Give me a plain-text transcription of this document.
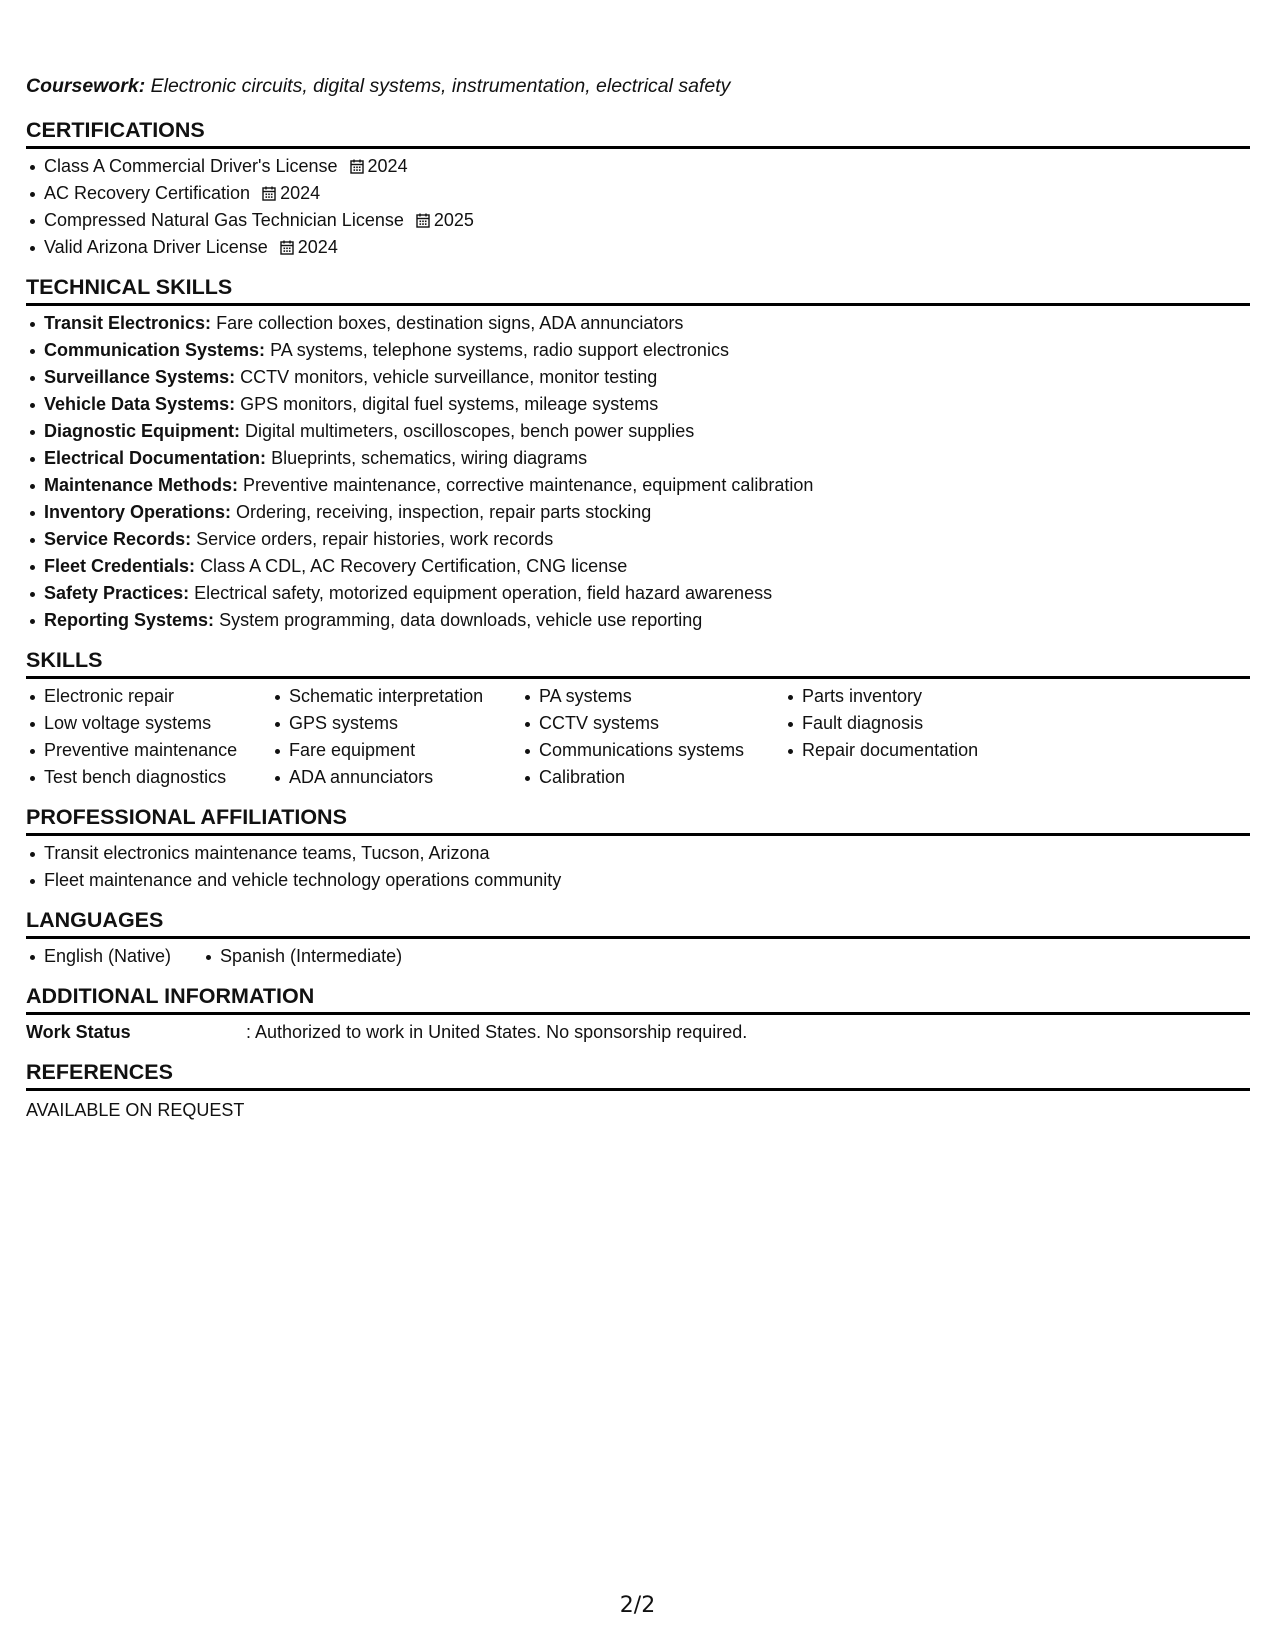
Coursework: Electronic circuits, digital systems, instrumentation, electrical safety

CERTIFICATIONS
Class A Commercial Driver's License 2024
AC Recovery Certification 2024
Compressed Natural Gas Technician License 2025
Valid Arizona Driver License 2024
TECHNICAL SKILLS
Transit Electronics: Fare collection boxes, destination signs, ADA annunciators
Communication Systems: PA systems, telephone systems, radio support electronics
Surveillance Systems: CCTV monitors, vehicle surveillance, monitor testing
Vehicle Data Systems: GPS monitors, digital fuel systems, mileage systems
Diagnostic Equipment: Digital multimeters, oscilloscopes, bench power supplies
Electrical Documentation: Blueprints, schematics, wiring diagrams
Maintenance Methods: Preventive maintenance, corrective maintenance, equipment calibration
Inventory Operations: Ordering, receiving, inspection, repair parts stocking
Service Records: Service orders, repair histories, work records
Fleet Credentials: Class A CDL, AC Recovery Certification, CNG license
Safety Practices: Electrical safety, motorized equipment operation, field hazard awareness
Reporting Systems: System programming, data downloads, vehicle use reporting
SKILLS
Electronic repair
Low voltage systems
Preventive maintenance
Test bench diagnostics
Schematic interpretation
GPS systems
Fare equipment
ADA annunciators
PA systems
CCTV systems
Communications systems
Calibration
Parts inventory
Fault diagnosis
Repair documentation
PROFESSIONAL AFFILIATIONS
Transit electronics maintenance teams, Tucson, Arizona
Fleet maintenance and vehicle technology operations community
LANGUAGES
English (Native)	Spanish (Intermediate)
ADDITIONAL INFORMATION
Work Status	: Authorized to work in United States. No sponsorship required.
REFERENCES
AVAILABLE ON REQUEST
2/2
